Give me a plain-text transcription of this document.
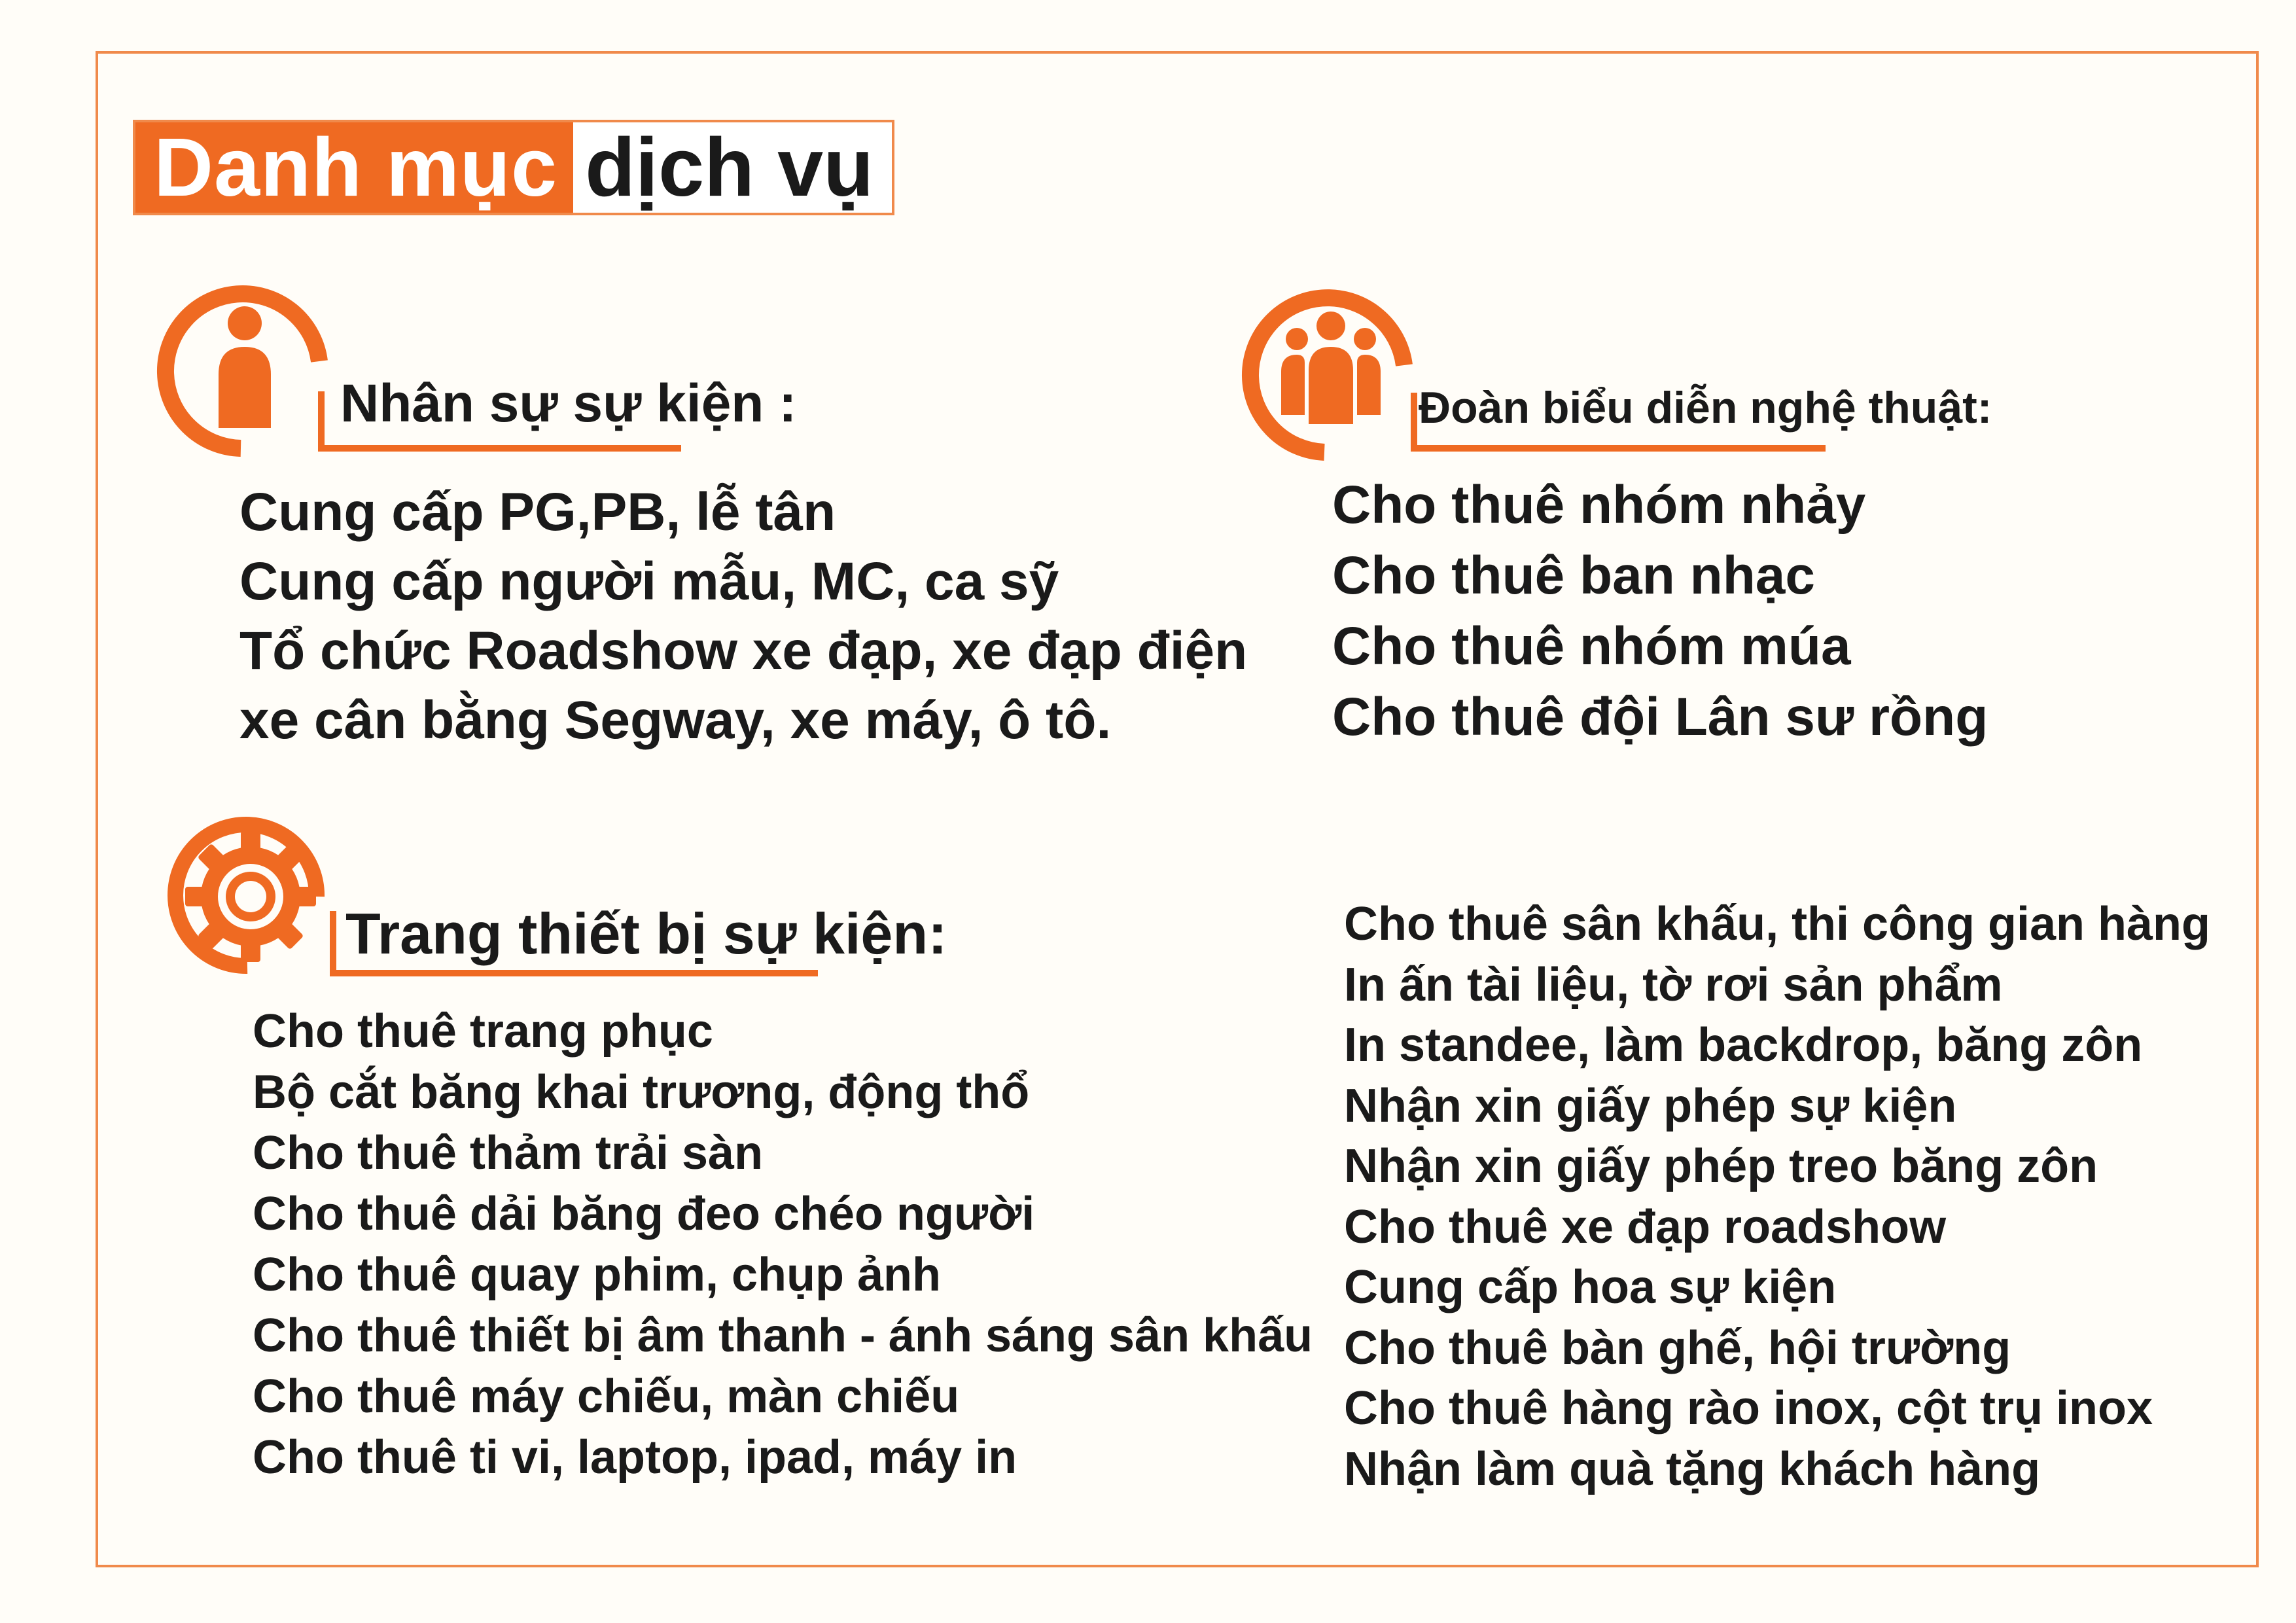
Danh mục dịch vụ
Nhân sự sự kiện :
Cung cấp PG,PB, lễ tân
Cung cấp người mẫu, MC, ca sỹ
Tổ chức Roadshow xe đạp, xe đạp điện
xe cân bằng Segway, xe máy, ô tô.
Đoàn biểu diễn nghệ thuật:
Cho thuê nhóm nhảy
Cho thuê ban nhạc
Cho thuê nhóm múa
Cho thuê đội Lân sư rồng
Trang thiết bị sự kiện:
Cho thuê trang phục
Bộ cắt băng khai trương, động thổ
Cho thuê thảm trải sàn
Cho thuê dải băng đeo chéo người
Cho thuê quay phim, chụp ảnh
Cho thuê thiết bị âm thanh - ánh sáng sân khấu
Cho thuê máy chiếu, màn chiếu
Cho thuê ti vi, laptop, ipad, máy in
Cho thuê sân khấu, thi công gian hàng
In ấn tài liệu, tờ rơi sản phẩm
In standee, làm backdrop, băng zôn
Nhận xin giấy phép sự kiện
Nhận xin giấy phép treo băng zôn
Cho thuê xe đạp roadshow
Cung cấp hoa sự kiện
Cho thuê bàn ghế, hội trường
Cho thuê hàng rào inox, cột trụ inox
Nhận làm quà tặng khách hàng
